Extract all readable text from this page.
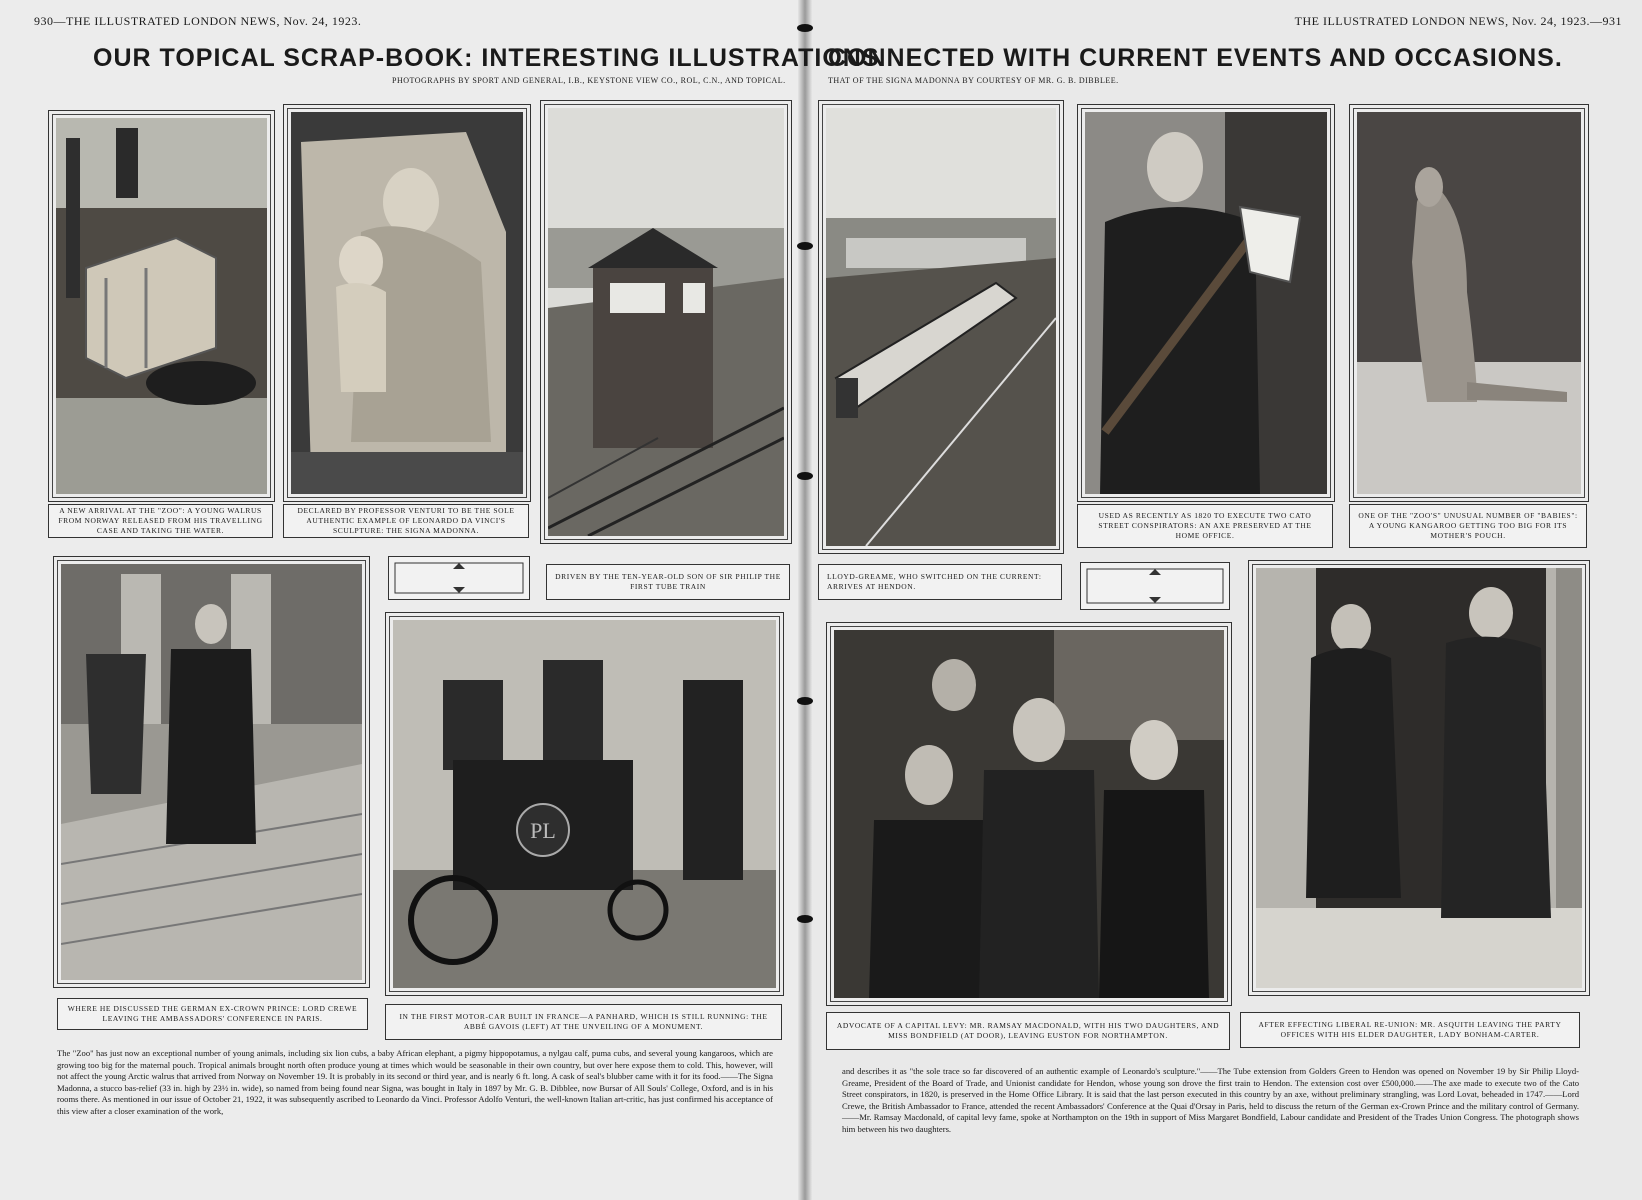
930—THE ILLUSTRATED LONDON NEWS, Nov. 24, 1923.	THE ILLUSTRATED LONDON NEWS, Nov. 24, 1923.—931
OUR TOPICAL SCRAP-BOOK: INTERESTING ILLUSTRATIONS
CONNECTED WITH CURRENT EVENTS AND OCCASIONS.
PHOTOGRAPHS BY SPORT AND GENERAL, I.B., KEYSTONE VIEW CO., ROL, C.N., AND TOPICAL.	THAT OF THE SIGNA MADONNA BY COURTESY OF MR. G. B. DIBBLEE.
A NEW ARRIVAL AT THE "ZOO": A YOUNG WALRUS FROM NORWAY RELEASED FROM HIS TRAVELLING CASE AND TAKING THE WATER.
DECLARED BY PROFESSOR VENTURI TO BE THE SOLE AUTHENTIC EXAMPLE OF LEONARDO DA VINCI'S SCULPTURE: THE SIGNA MADONNA.
USED AS RECENTLY AS 1820 TO EXECUTE TWO CATO STREET CONSPIRATORS: AN AXE PRESERVED AT THE HOME OFFICE.
ONE OF THE "ZOO'S" UNUSUAL NUMBER OF "BABIES": A YOUNG KANGAROO GETTING TOO BIG FOR ITS MOTHER'S POUCH.
DRIVEN BY THE TEN-YEAR-OLD SON OF SIR PHILIP THE FIRST TUBE TRAIN
LLOYD-GREAME, WHO SWITCHED ON THE CURRENT: ARRIVES AT HENDON.
PL
WHERE HE DISCUSSED THE GERMAN EX-CROWN PRINCE: LORD CREWE LEAVING THE AMBASSADORS' CONFERENCE IN PARIS.	IN THE FIRST MOTOR-CAR BUILT IN FRANCE—A PANHARD, WHICH IS STILL RUNNING: THE ABBÉ GAVOIS (LEFT) AT THE UNVEILING OF A MONUMENT.	ADVOCATE OF A CAPITAL LEVY: MR. RAMSAY MACDONALD, WITH HIS TWO DAUGHTERS, AND MISS BONDFIELD (AT DOOR), LEAVING EUSTON FOR NORTHAMPTON.
AFTER EFFECTING LIBERAL RE-UNION: MR. ASQUITH LEAVING THE PARTY OFFICES WITH HIS ELDER DAUGHTER, LADY BONHAM-CARTER.
The "Zoo" has just now an exceptional number of young animals, including six lion cubs, a baby African elephant, a pigmy hippopotamus, a nylgau calf, puma cubs, and several young kangaroos, which are growing too big for the maternal pouch. Tropical animals brought north often produce young at times which would be seasonable in their own country, but over here expose them to cold. This, however, will not affect the young Arctic walrus that arrived from Norway on November 19. It is probably in its second or third year, and is nearly 6 ft. long. A cask of seal's blubber came with it for its food.——The Signa Madonna, a stucco bas-relief (33 in. high by 23½ in. wide), so named from being found near Signa, was bought in Italy in 1897 by Mr. G. B. Dibblee, now Bursar of All Souls' College, Oxford, and is in his rooms there. As mentioned in our issue of October 21, 1922, it was subsequently ascribed to Leonardo da Vinci. Professor Adolfo Venturi, the well-known Italian art-critic, has just confirmed his acceptance of this view after a closer examination of the work,
and describes it as "the sole trace so far discovered of an authentic example of Leonardo's sculpture."——The Tube extension from Golders Green to Hendon was opened on November 19 by Sir Philip Lloyd-Greame, President of the Board of Trade, and Unionist candidate for Hendon, whose young son drove the first train to Hendon. The extension cost over £500,000.——The axe made to execute two of the Cato Street conspirators, in 1820, is preserved in the Home Office Library. It is said that the last person executed in this country by an axe, without preliminary strangling, was Lord Lovat, beheaded in 1747.——Lord Crewe, the British Ambassador to France, attended the recent Ambassadors' Conference at the Quai d'Orsay in Paris, held to discuss the return of the German ex-Crown Prince and the military control of Germany.——Mr. Ramsay Macdonald, of capital levy fame, spoke at Northampton on the 19th in support of Miss Margaret Bondfield, Labour candidate and President of the Trades Union Congress. The photograph shows him between his two daughters.
